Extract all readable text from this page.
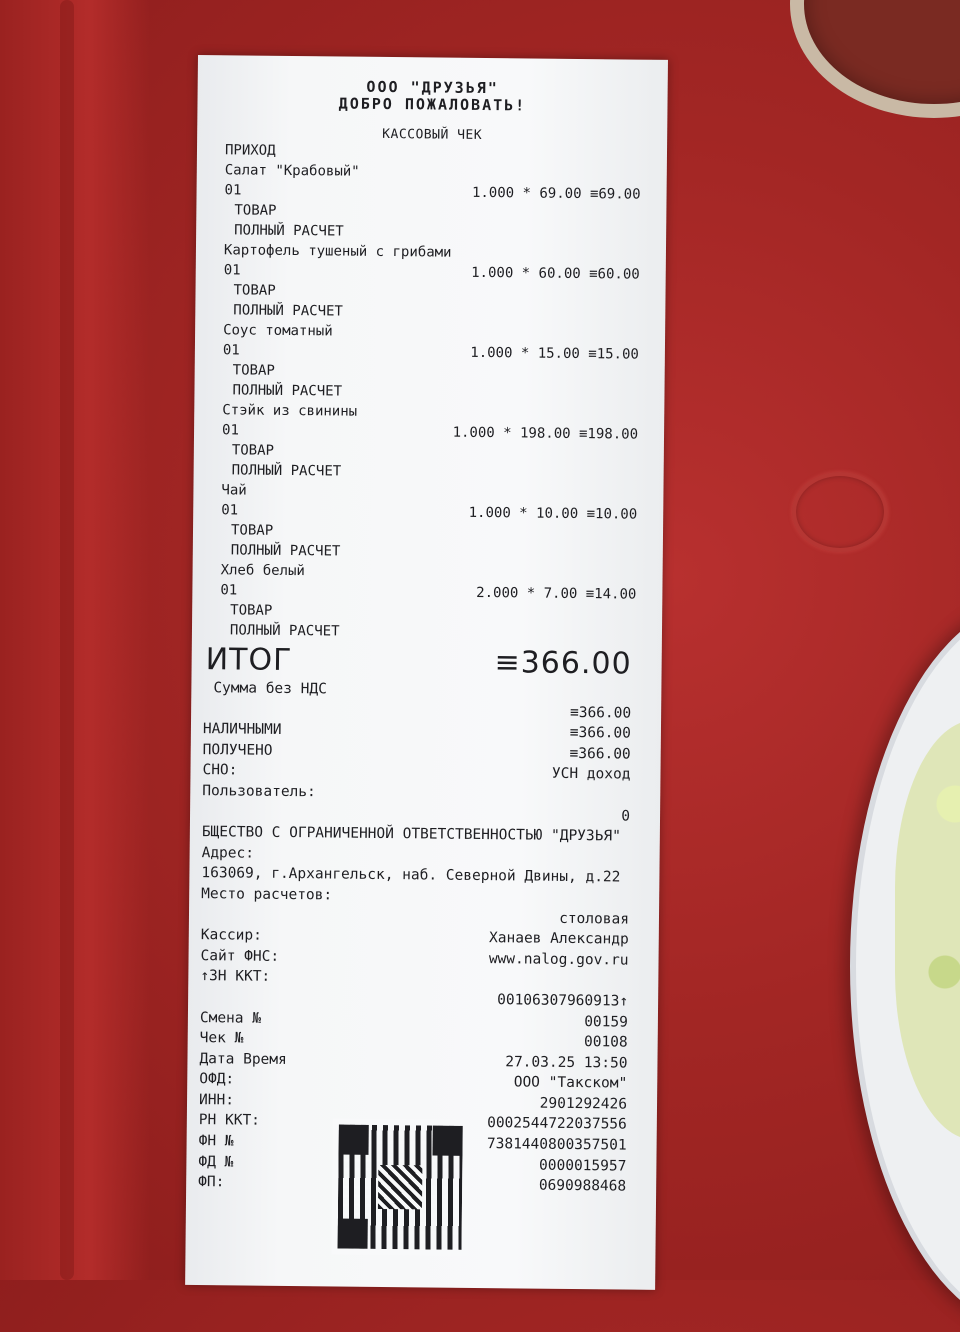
ООО "ДРУЗЬЯ"
ДОБРО ПОЖАЛОВАТЬ!
КАССОВЫЙ ЧЕК
ПРИХОД
Салат "Крабовый"
01	1.000 * 69.00 ≡69.00
ТОВАР
ПОЛНЫЙ РАСЧЕТ
Картофель тушеный с грибами
01	1.000 * 60.00 ≡60.00
ТОВАР
ПОЛНЫЙ РАСЧЕТ
Соус томатный
01	1.000 * 15.00 ≡15.00
ТОВАР
ПОЛНЫЙ РАСЧЕТ
Стэйк из свинины
01	1.000 * 198.00 ≡198.00
ТОВАР
ПОЛНЫЙ РАСЧЕТ
Чай
01	1.000 * 10.00 ≡10.00
ТОВАР
ПОЛНЫЙ РАСЧЕТ
Хлеб белый
01	2.000 * 7.00 ≡14.00
ТОВАР
ПОЛНЫЙ РАСЧЕТ
ИТОГ	≡366.00
Сумма без НДС
≡366.00
НАЛИЧНЫМИ	≡366.00
ПОЛУЧЕНО	≡366.00
СНО:	УСН доход
Пользователь:
0
БЩЕСТВО С ОГРАНИЧЕННОЙ ОТВЕТСТВЕННОСТЬЮ "ДРУЗЬЯ"
Адрес:
163069, г.Архангельск, наб. Северной Двины, д.22
Место расчетов:
столовая
Кассир:	Ханаев Александр
Сайт ФНС:	www.nalog.gov.ru
↑ЗН ККТ:
00106307960913↑
Смена №	00159
Чек №	00108
Дата Время	27.03.25 13:50
ОФД:	ООО "Такском"
ИНН:	2901292426
РН ККТ:	0002544722037556
ФН №	7381440800357501
ФД №	0000015957
ФП:	0690988468
